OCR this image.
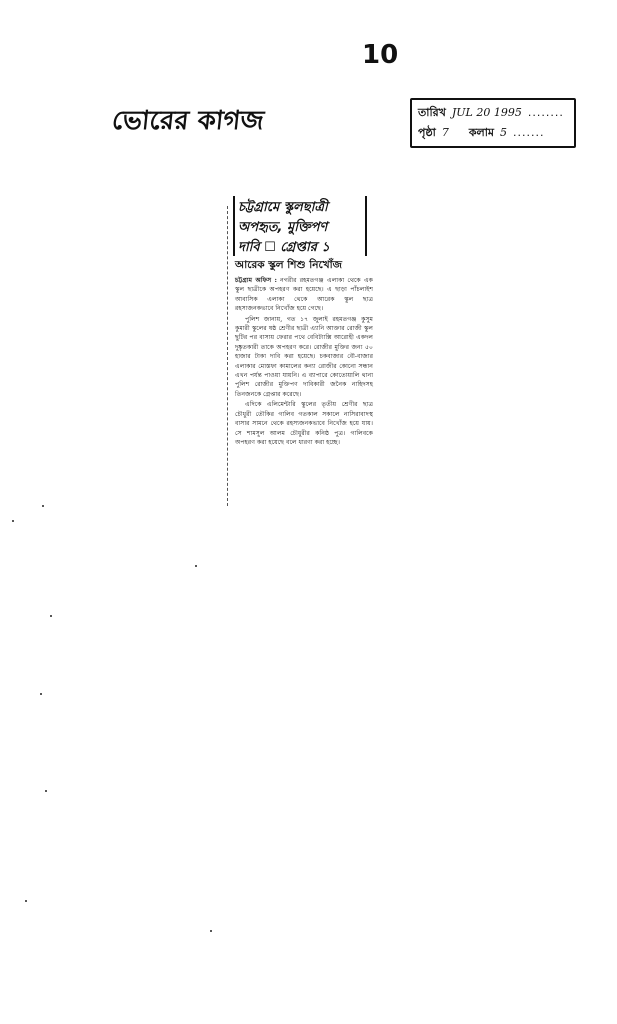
10
ভোরের কাগজ	তারিখ JUL 20 1995 ........
পৃষ্ঠা 7 কলাম 5 .......
চট্টগ্রামে স্কুলছাত্রী
অপহৃত, মুক্তিপণ
দাবি ☐ গ্রেপ্তার ১
আরেক স্কুল শিশু নিখোঁজ

চট্টগ্রাম অফিস : নগরীর রহমতগঞ্জ এলাকা থেকে এক স্কুল ছাত্রীকে অপহরণ করা হয়েছে। এ ছাড়া পাঁচলাইশ আবাসিক এলাকা থেকে আরেক স্কুল ছাত্র রহস্যজনকভাবে নিখোঁজ হয়ে গেছে।

পুলিশ জানায়, গত ১৭ জুলাই রহমতগঞ্জ কুসুম কুমারী স্কুলের ষষ্ঠ শ্রেণীর ছাত্রী এ্যানি আক্তার রোজী স্কুল ছুটির পর বাসায় ফেরার পথে বেবিট্যাক্সি আরোহী একদল দুষ্কৃতকারী তাকে অপহরণ করে। রোজীর মুক্তির জন্য ৫০ হাজার টাকা দাবি করা হয়েছে। চকবাজার বৌ-বাজার এলাকার মোস্তফা কামালের কন্যা রোজীর কোনো সন্ধান এখন পর্যন্ত পাওয়া যায়নি। এ ব্যাপারে কোতোয়ালি থানা পুলিশ রোজীর মুক্তিপণ দাবিকারী জনৈক নাহিদসহ তিনজনকে গ্রেপ্তার করেছে।

এদিকে এলিমেন্টারি স্কুলের তৃতীয় শ্রেণীর ছাত্র চৌধুরী তৌকির গালিব গতকাল সকালে নাসিরাবাদস্থ বাসার সামনে থেকে রহস্যজনকভাবে নিখোঁজ হয়ে যায়। সে শামসুল আলম চৌধুরীর কনিষ্ঠ পুত্র। গালিবকে অপহরণ করা হয়েছে বলে ধারণা করা হচ্ছে।
